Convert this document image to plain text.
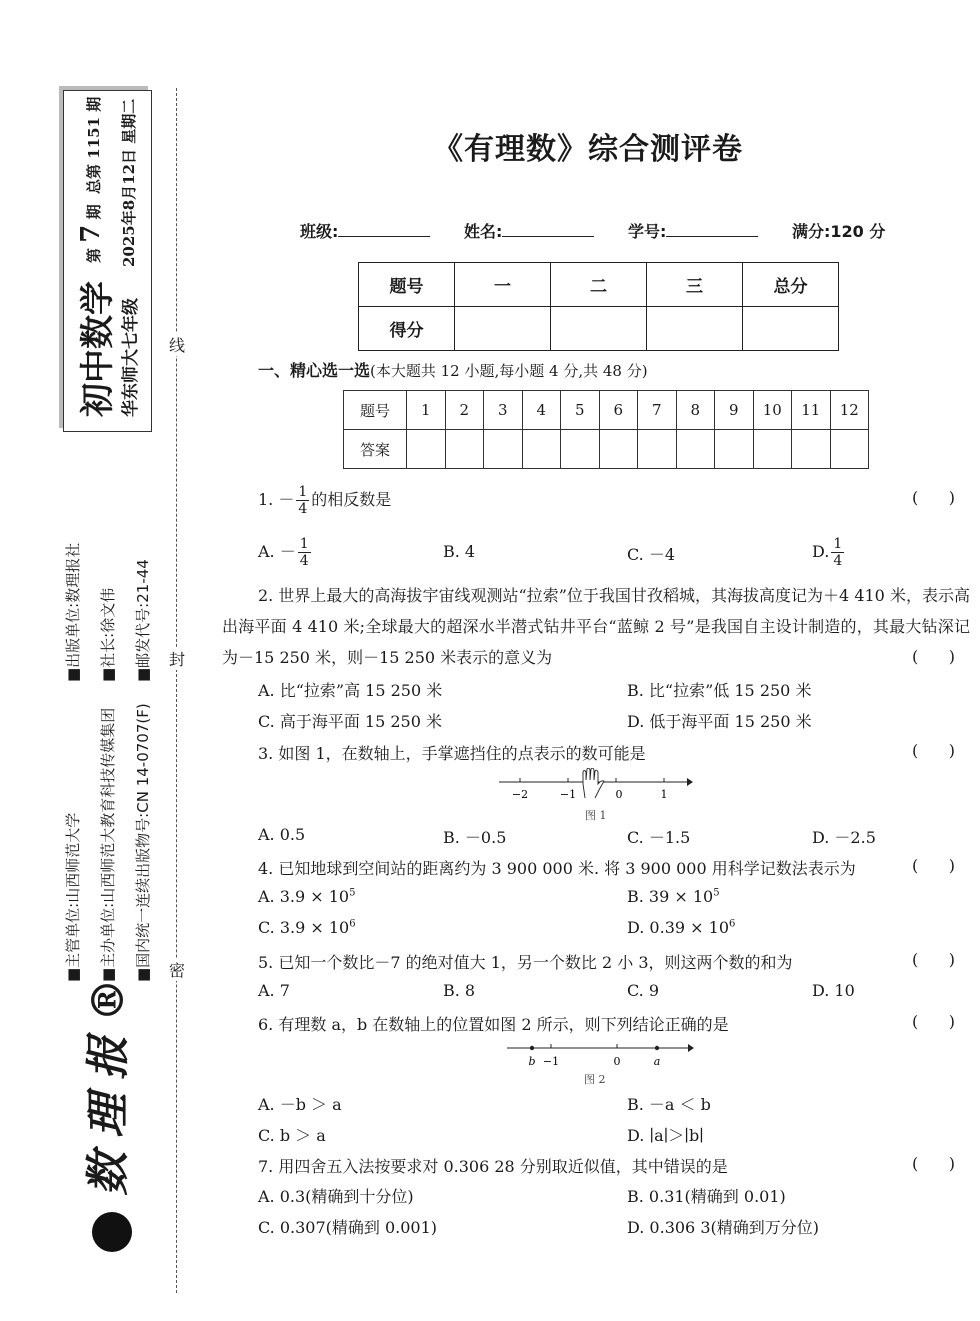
初中数学
第 7 期  总第 1151 期
华东师大七年级
2025年8月12日 星期二
■主管单位:山西师范大学
■出版单位:数理报社
■主办单位:山西师范大教育科技传媒集团
■社长:徐文伟
■国内统一连续出版物号:CN 14-0707(F)
■邮发代号:21-44
数理报®
线
封
密
《有理数》综合测评卷
班级:	姓名:	学号:	满分:120 分
题号	一	二	三	总分
得分				
一、精心选一选(本大题共 12 小题,每小题 4 分,共 48 分)
题号	1	2	3	4	5	6	7	8	9	10	11	12
答案												
1. － $\frac{1}{4}$ 的相反数是	(      )
A. － $\frac{1}{4}$	B. 4	C. －4	D. $\frac{1}{4}$
2. 世界上最大的高海拔宇宙线观测站“拉索”位于我国甘孜稻城，其海拔高度记为＋4 410 米，表示高出海平面 4 410 米;全球最大的超深水半潜式钻井平台“蓝鲸 2 号”是我国自主设计制造的，其最大钻深记为－15 250 米，则－15 250 米表示的意义为	(      )
A. 比“拉索”高 15 250 米	B. 比“拉索”低 15 250 米
C. 高于海平面 15 250 米	D. 低于海平面 15 250 米
3. 如图 1，在数轴上，手掌遮挡住的点表示的数可能是	(      )
−2	−1	0	1
图 1
A. 0.5	B. －0.5	C. －1.5	D. －2.5
4. 已知地球到空间站的距离约为 3 900 000 米. 将 3 900 000 用科学记数法表示为	(      )
A. $3.9 \times 10^5$	B. $39 \times 10^5$
C. $3.9 \times 10^6$	D. $0.39 \times 10^6$
5. 已知一个数比－7 的绝对值大 1，另一个数比 2 小 3，则这两个数的和为	(      )
A. 7	B. 8	C. 9	D. 10
6. 有理数 a，b 在数轴上的位置如图 2 所示，则下列结论正确的是	(      )
b −1	0	a
图 2
A. －b ＞ a	B. －a ＜ b
C. b ＞ a	D. ∣a∣＞∣b∣
7. 用四舍五入法按要求对 0.306 28 分别取近似值，其中错误的是	(      )
A. 0.3(精确到十分位)	B. 0.31(精确到 0.01)
C. 0.307(精确到 0.001)	D. 0.306 3(精确到万分位)
